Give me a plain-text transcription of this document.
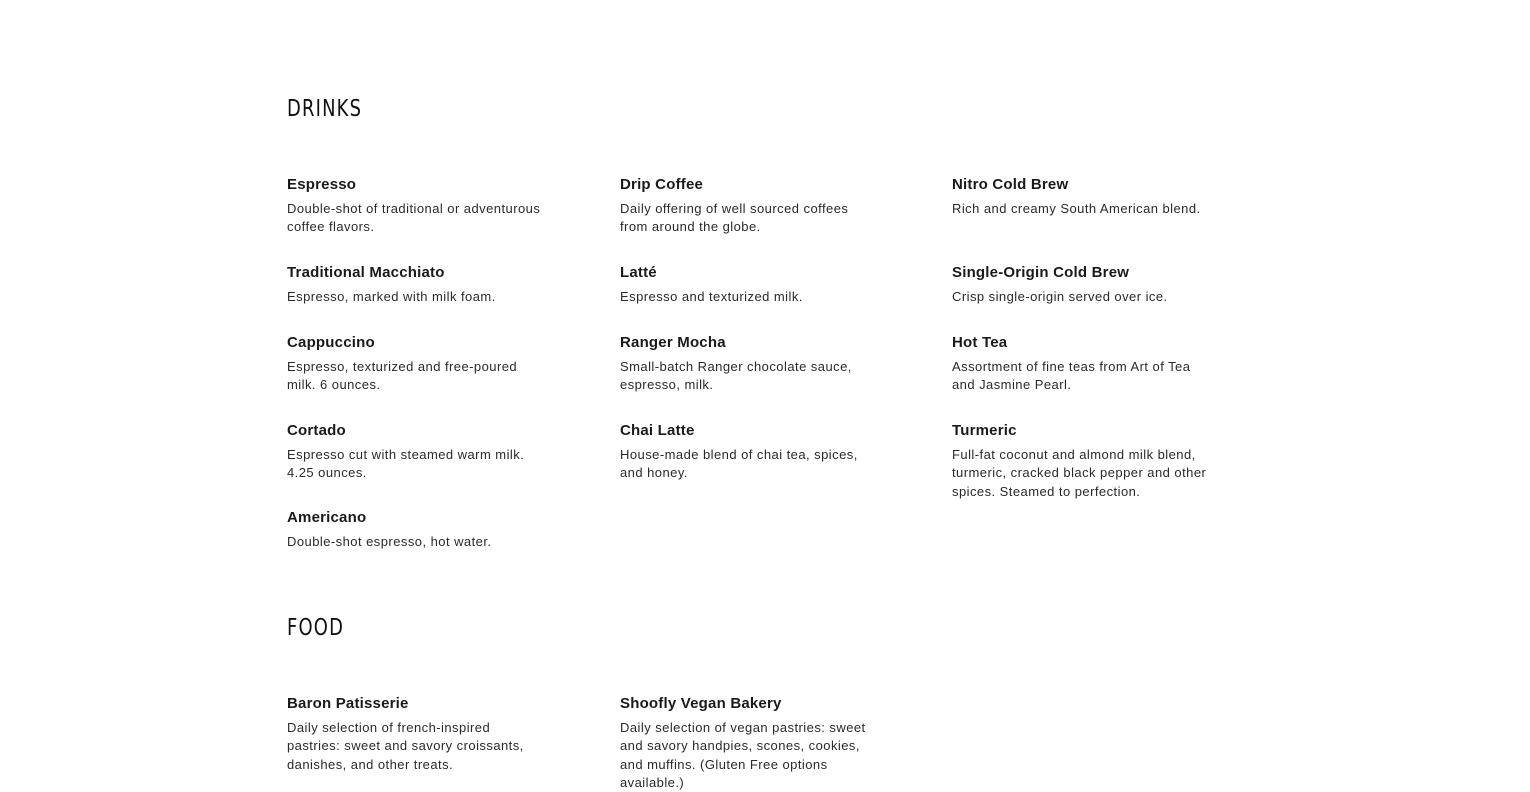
DRINKS

Espresso

Double-shot of traditional or adventurous coffee flavors.

Drip Coffee

Daily offering of well sourced coffees from around the globe.

Nitro Cold Brew

Rich and creamy South American blend.

Traditional Macchiato

Espresso, marked with milk foam.

Latté

Espresso and texturized milk.

Single-Origin Cold Brew

Crisp single-origin served over ice.

Cappuccino

Espresso, texturized and free-poured milk. 6 ounces.

Ranger Mocha

Small-batch Ranger chocolate sauce, espresso, milk.

Hot Tea

Assortment of fine teas from Art of Tea and Jasmine Pearl.

Cortado

Espresso cut with steamed warm milk. 4.25 ounces.

Chai Latte

House-made blend of chai tea, spices, and honey.

Turmeric

Full-fat coconut and almond milk blend, turmeric, cracked black pepper and other spices. Steamed to perfection.

Americano

Double-shot espresso, hot water.

FOOD

Baron Patisserie

Daily selection of french-inspired pastries: sweet and savory croissants, danishes, and other treats.

Shoofly Vegan Bakery

Daily selection of vegan pastries: sweet and savory handpies, scones, cookies, and muffins. (Gluten Free options available.)
